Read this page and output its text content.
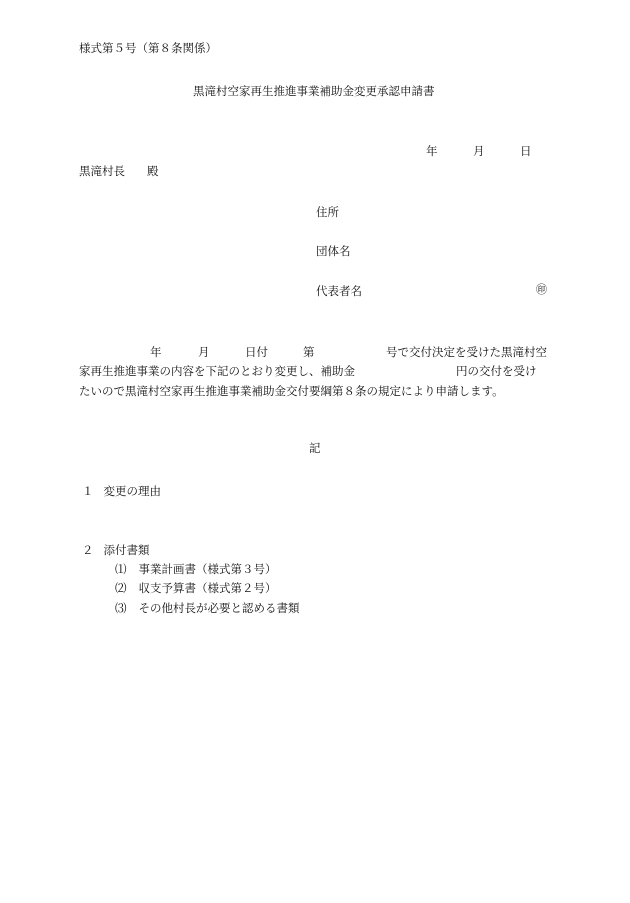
様式第５号（第８条関係）
黒滝村空家再生推進事業補助金変更承認申請書
年	月	日
黒滝村長 殿
住所
団体名
代表者名	㊞
年	月	日付	第	号で交付決定を受けた黒滝村空
家再生推進事業の内容を下記のとおり変更し、補助金	円の交付を受け
たいので黒滝村空家再生推進事業補助金交付要綱第８条の規定により申請します。
記
１ 変更の理由
２ 添付書類
⑴ 事業計画書（様式第３号）
⑵ 収支予算書（様式第２号）
⑶ その他村長が必要と認める書類
